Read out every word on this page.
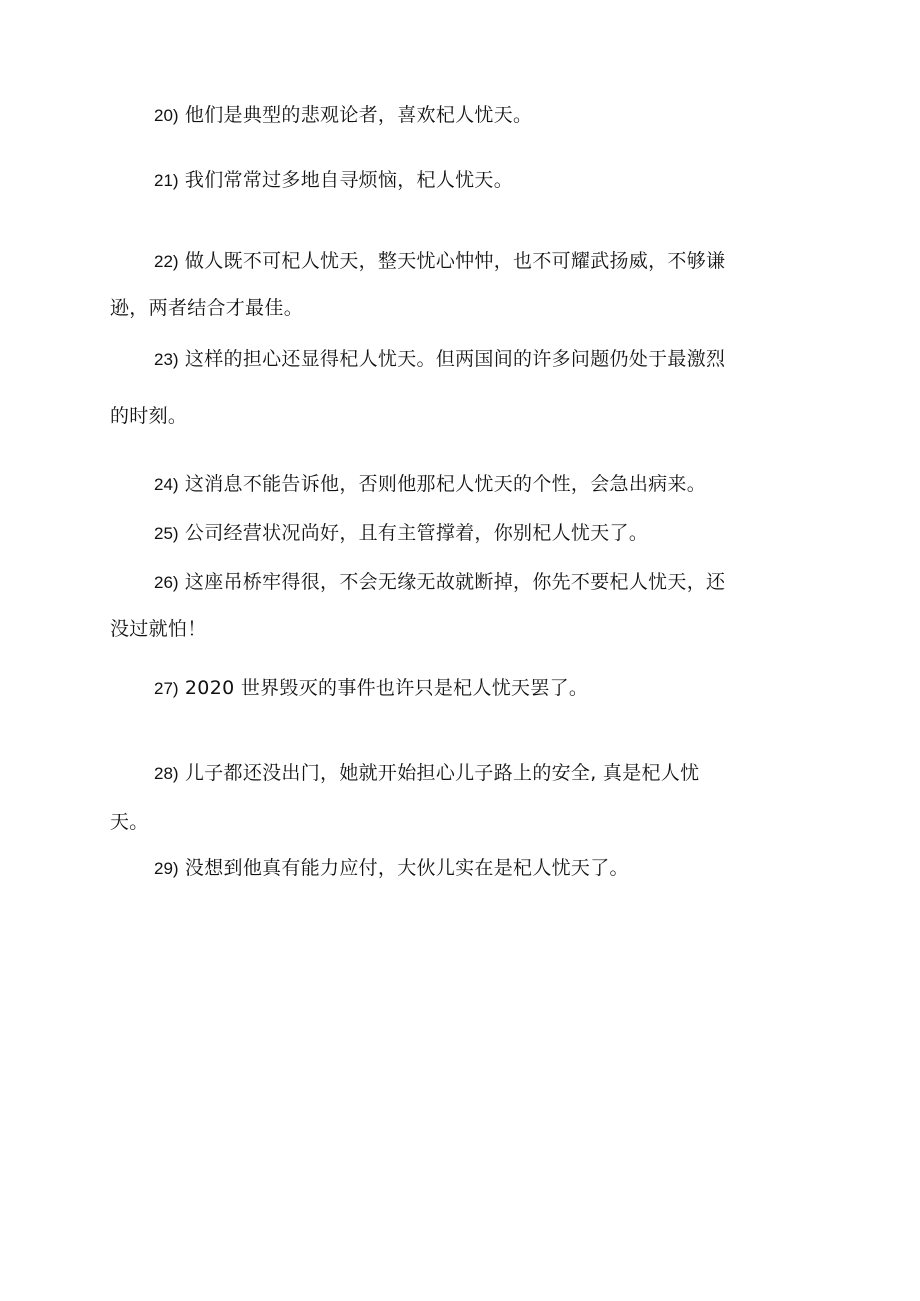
20) 他们是典型的悲观论者，喜欢杞人忧天。
21) 我们常常过多地自寻烦恼，杞人忧天。
22) 做人既不可杞人忧天，整天忧心忡忡，也不可耀武扬威，不够谦
逊，两者结合才最佳。
23) 这样的担心还显得杞人忧天。但两国间的许多问题仍处于最激烈
的时刻。
24) 这消息不能告诉他，否则他那杞人忧天的个性，会急出病来。
25) 公司经营状况尚好，且有主管撑着，你别杞人忧天了。
26) 这座吊桥牢得很，不会无缘无故就断掉，你先不要杞人忧天，还
没过就怕！
27) 2020 世界毁灭的事件也许只是杞人忧天罢了。
28) 儿子都还没出门，她就开始担心儿子路上的安全, 真是杞人忧
天。
29) 没想到他真有能力应付，大伙儿实在是杞人忧天了。
